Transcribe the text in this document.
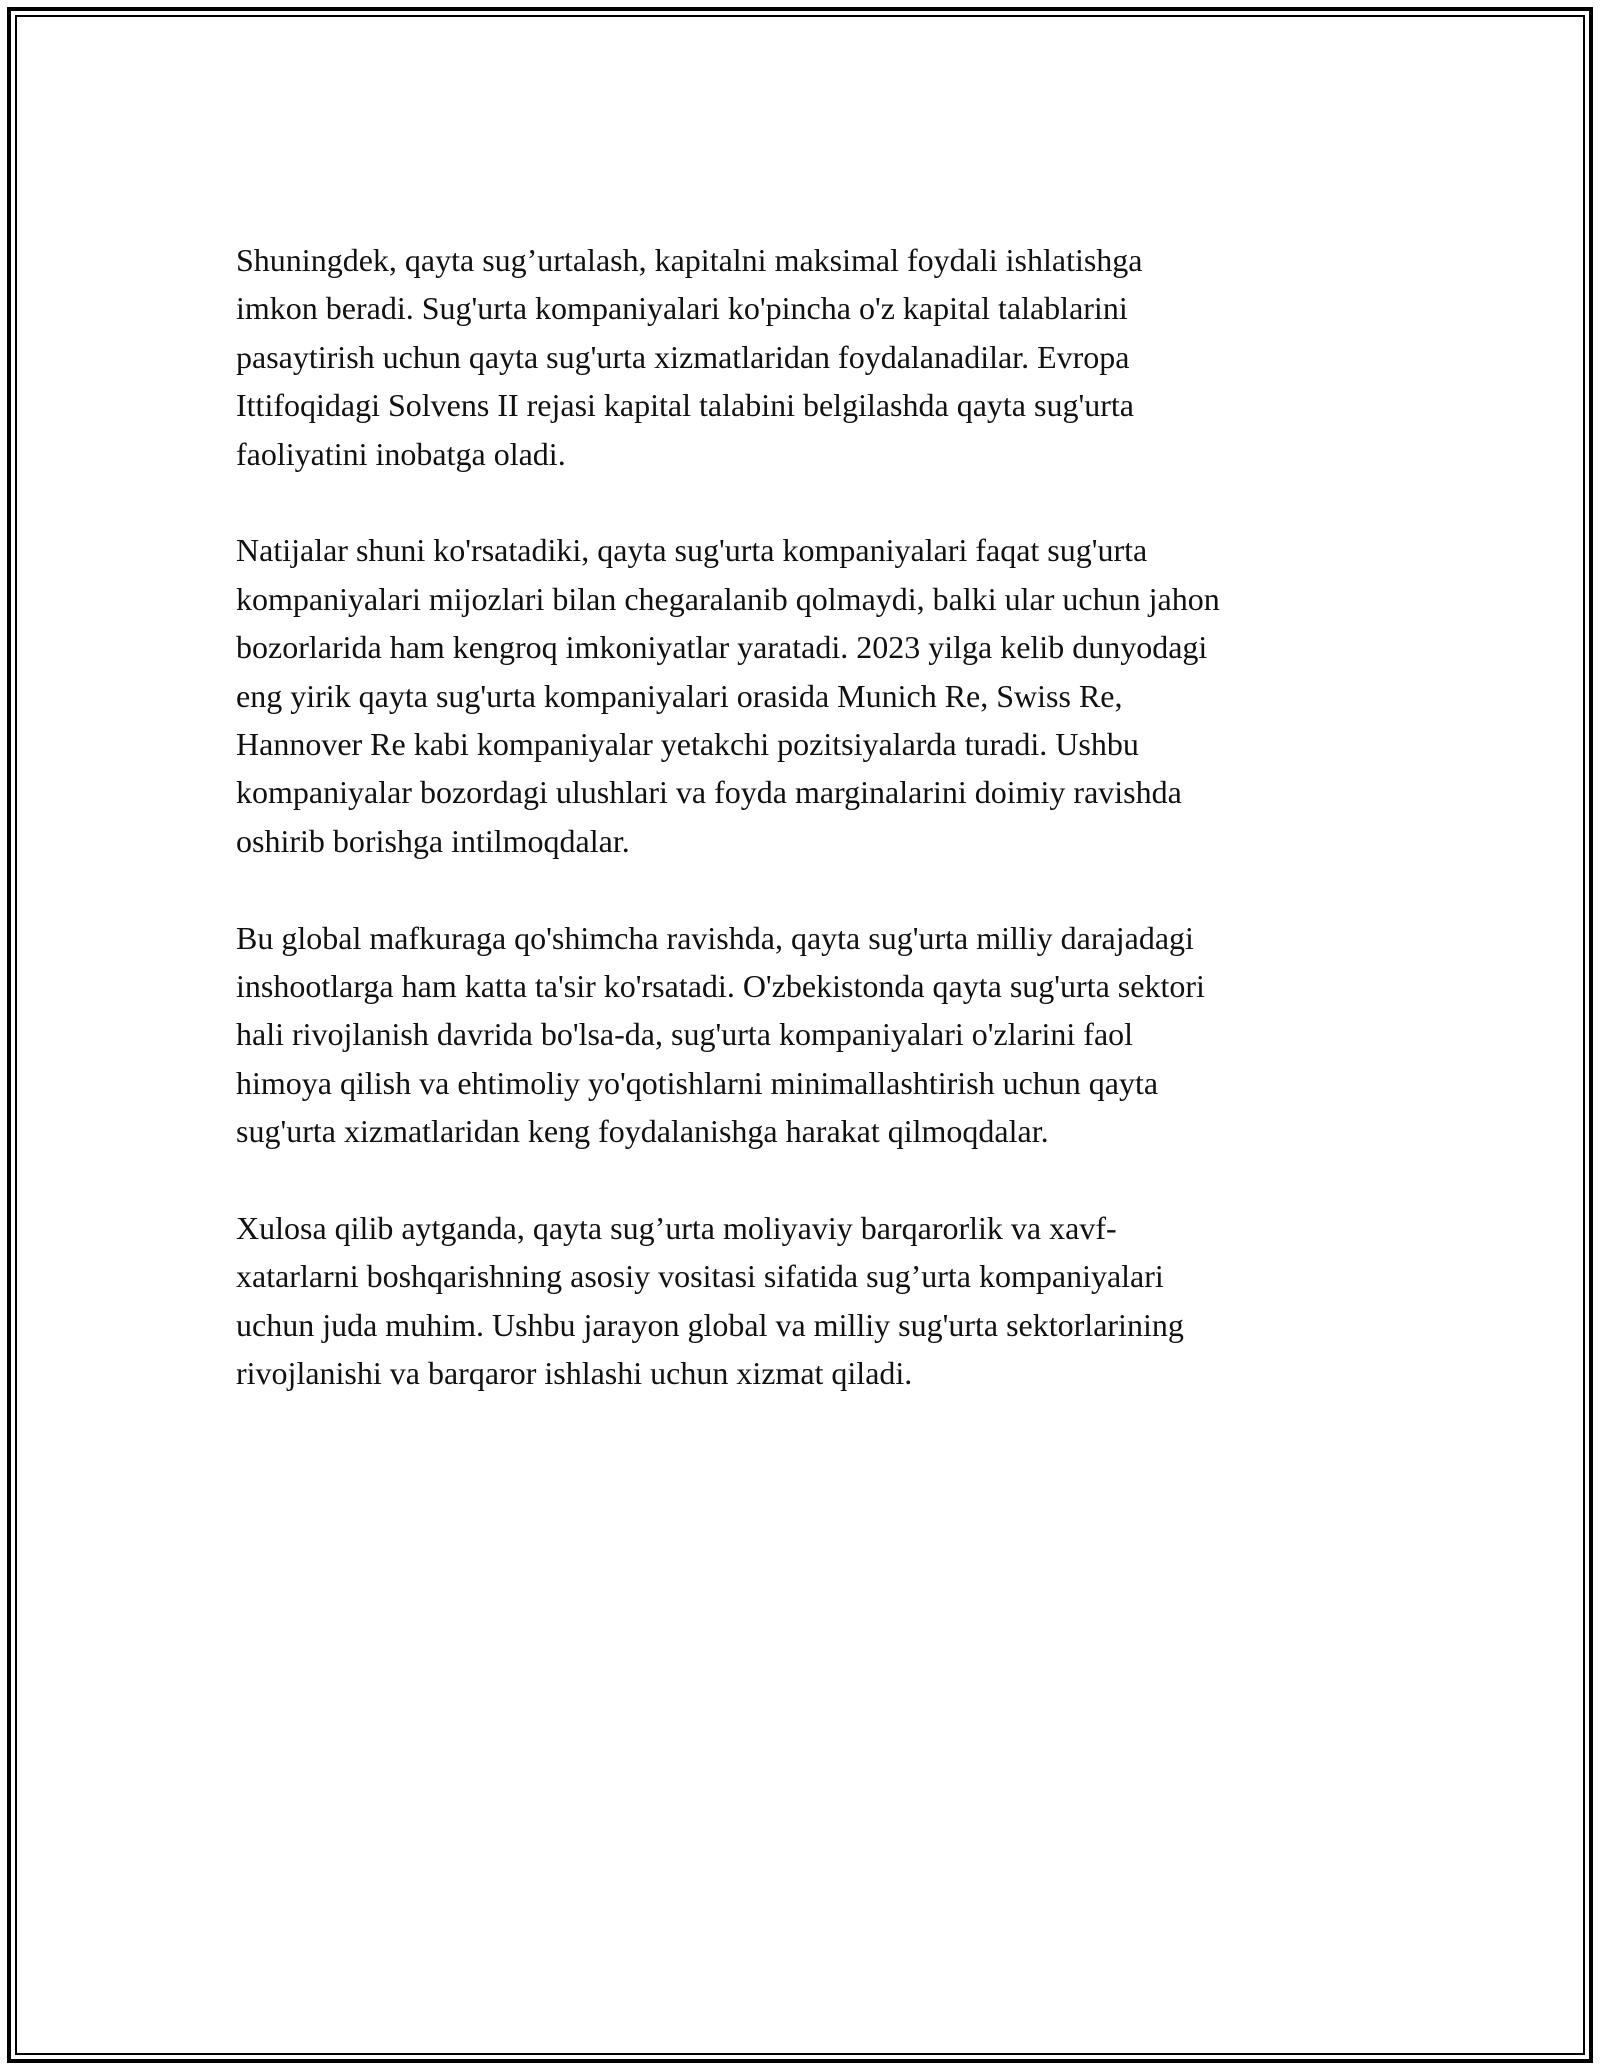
Shuningdek, qayta sug’urtalash, kapitalni maksimal foydali ishlatishga
imkon beradi. Sug'urta kompaniyalari ko'pincha o'z kapital talablarini
pasaytirish uchun qayta sug'urta xizmatlaridan foydalanadilar. Evropa
Ittifoqidagi Solvens II rejasi kapital talabini belgilashda qayta sug'urta
faoliyatini inobatga oladi.

Natijalar shuni ko'rsatadiki, qayta sug'urta kompaniyalari faqat sug'urta
kompaniyalari mijozlari bilan chegaralanib qolmaydi, balki ular uchun jahon
bozorlarida ham kengroq imkoniyatlar yaratadi. 2023 yilga kelib dunyodagi
eng yirik qayta sug'urta kompaniyalari orasida Munich Re, Swiss Re,
Hannover Re kabi kompaniyalar yetakchi pozitsiyalarda turadi. Ushbu
kompaniyalar bozordagi ulushlari va foyda marginalarini doimiy ravishda
oshirib borishga intilmoqdalar.

Bu global mafkuraga qo'shimcha ravishda, qayta sug'urta milliy darajadagi
inshootlarga ham katta ta'sir ko'rsatadi. O'zbekistonda qayta sug'urta sektori
hali rivojlanish davrida bo'lsa-da, sug'urta kompaniyalari o'zlarini faol
himoya qilish va ehtimoliy yo'qotishlarni minimallashtirish uchun qayta
sug'urta xizmatlaridan keng foydalanishga harakat qilmoqdalar.

Xulosa qilib aytganda, qayta sug’urta moliyaviy barqarorlik va xavf-
xatarlarni boshqarishning asosiy vositasi sifatida sug’urta kompaniyalari
uchun juda muhim. Ushbu jarayon global va milliy sug'urta sektorlarining
rivojlanishi va barqaror ishlashi uchun xizmat qiladi.
